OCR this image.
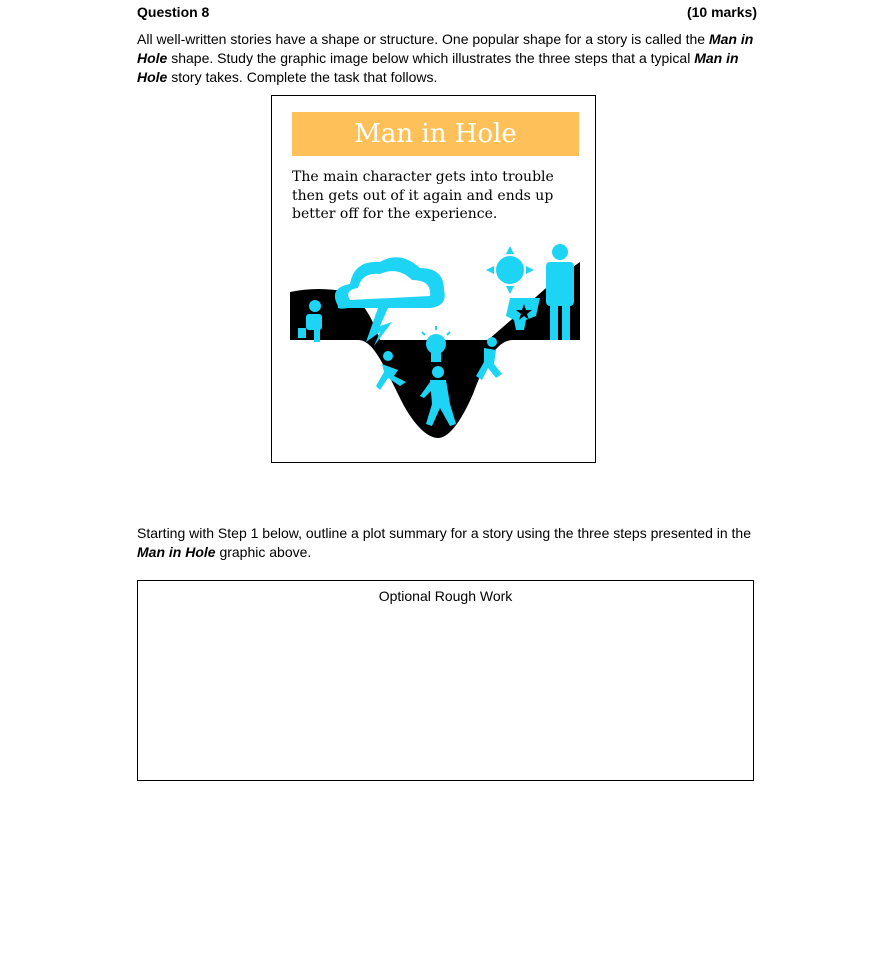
Question 8	(10 marks)
All well-written stories have a shape or structure. One popular shape for a story is called the Man in Hole shape. Study the graphic image below which illustrates the three steps that a typical Man in Hole story takes. Complete the task that follows.
Man in Hole
The main character gets into trouble then gets out of it again and ends up better off for the experience.
Starting with Step 1 below, outline a plot summary for a story using the three steps presented in the Man in Hole graphic above.
Optional Rough Work
